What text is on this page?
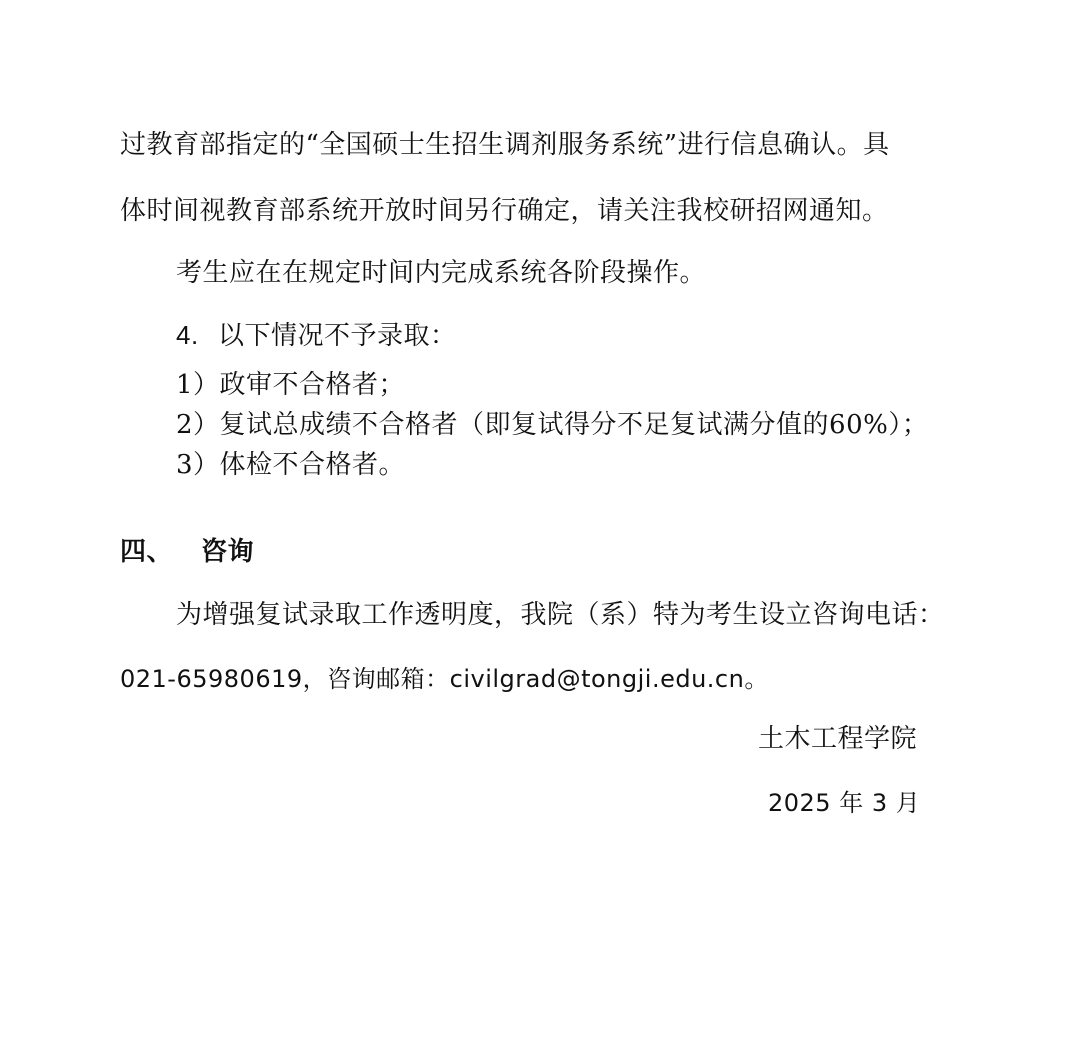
过教育部指定的“全国硕士生招生调剂服务系统”进行信息确认。具
体时间视教育部系统开放时间另行确定，请关注我校研招网通知。
考生应在在规定时间内完成系统各阶段操作。
4. 以下情况不予录取：
1）政审不合格者；
2）复试总成绩不合格者（即复试得分不足复试满分值的60%）；
3）体检不合格者。
四、 咨询
为增强复试录取工作透明度，我院（系）特为考生设立咨询电话：
021-65980619，咨询邮箱：civilgrad@tongji.edu.cn。
土木工程学院
2025 年 3 月
